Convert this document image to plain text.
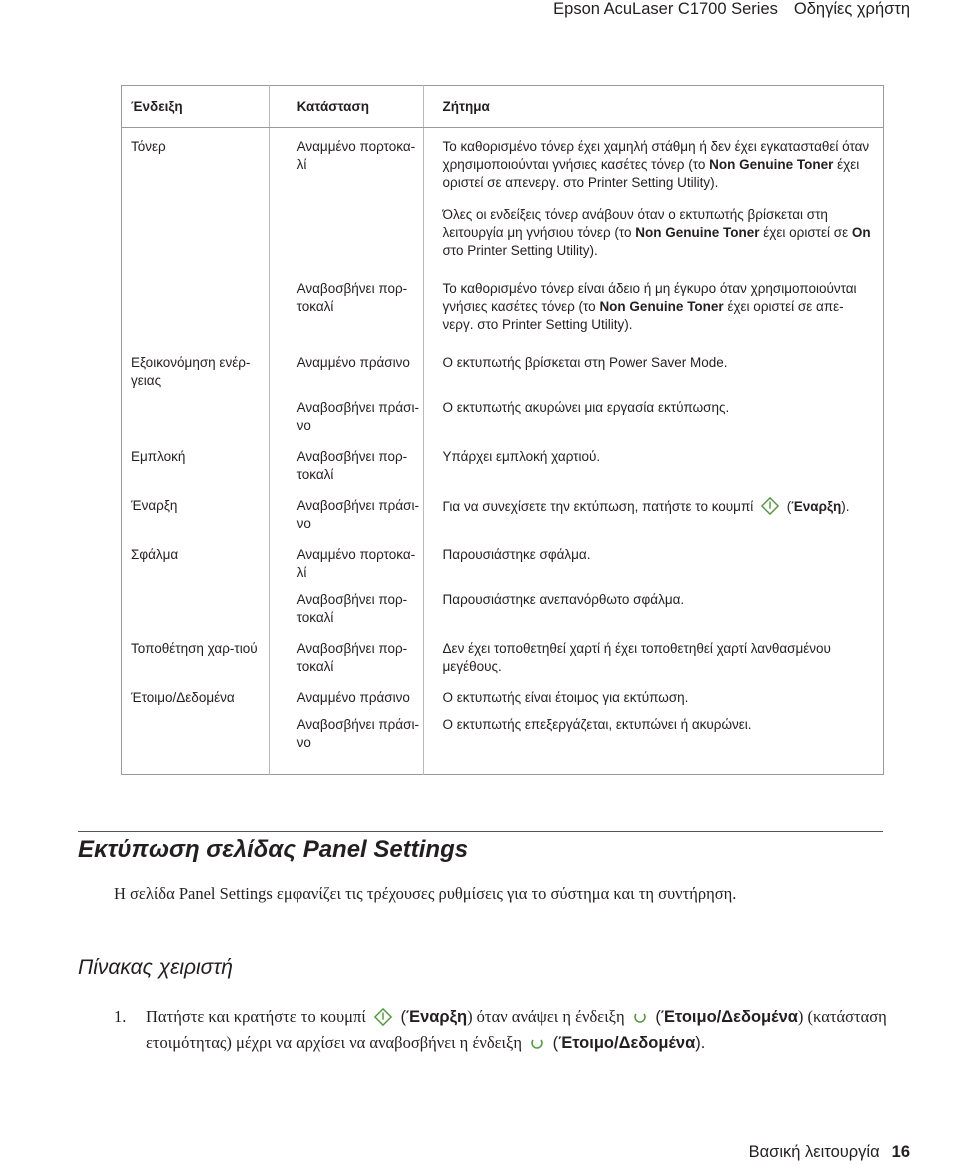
Epson AcuLaser C1700 Series Οδηγίες χρήστη
Ένδειξη	Κατάσταση	Ζήτημα
Τόνερ	Αναμμένο πορτοκα-λί	Το καθορισμένο τόνερ έχει χαμηλή στάθμη ή δεν έχει εγκατασταθεί όταν χρησιμοποιούνται γνήσιες κασέτες τόνερ (το Non Genuine Toner έχει οριστεί σε απενεργ. στο Printer Setting Utility).

Όλες οι ενδείξεις τόνερ ανάβουν όταν ο εκτυπωτής βρίσκεται στη λειτουργία μη γνήσιου τόνερ (το Non Genuine Toner έχει οριστεί σε On στο Printer Setting Utility).

	Αναβοσβήνει πορ-τοκαλί	Το καθορισμένο τόνερ είναι άδειο ή μη έγκυρο όταν χρησιμοποιούνται γνήσιες κασέτες τόνερ (το Non Genuine Toner έχει οριστεί σε απε-νεργ. στο Printer Setting Utility).

Εξοικονόμηση ενέρ-γειας	Αναμμένο πράσινο	Ο εκτυπωτής βρίσκεται στη Power Saver Mode.
	Αναβοσβήνει πράσι-νο	Ο εκτυπωτής ακυρώνει μια εργασία εκτύπωσης.
Εμπλοκή	Αναβοσβήνει πορ-τοκαλί	Υπάρχει εμπλοκή χαρτιού.
Έναρξη	Αναβοσβήνει πράσι-νο	Για να συνεχίσετε την εκτύπωση, πατήστε το κουμπί  (Έναρξη).
Σφάλμα	Αναμμένο πορτοκα-λί	Παρουσιάστηκε σφάλμα.
	Αναβοσβήνει πορ-τοκαλί	Παρουσιάστηκε ανεπανόρθωτο σφάλμα.
Τοποθέτηση χαρ-τιού	Αναβοσβήνει πορ-τοκαλί	Δεν έχει τοποθετηθεί χαρτί ή έχει τοποθετηθεί χαρτί λανθασμένου μεγέθους.
Έτοιμο/Δεδομένα	Αναμμένο πράσινο	Ο εκτυπωτής είναι έτοιμος για εκτύπωση.
	Αναβοσβήνει πράσι-νο	Ο εκτυπωτής επεξεργάζεται, εκτυπώνει ή ακυρώνει.
Εκτύπωση σελίδας Panel Settings

Η σελίδα Panel Settings εμφανίζει τις τρέχουσες ρυθμίσεις για το σύστημα και τη συντήρηση.

Πίνακας χειριστή
1. Πατήστε και κρατήστε το κουμπί  (Έναρξη) όταν ανάψει η ένδειξη  (Έτοιμο/Δεδομένα) (κατάσταση ετοιμότητας) μέχρι να αρχίσει να αναβοσβήνει η ένδειξη  (Έτοιμο/Δεδομένα).
Βασική λειτουργία 16
